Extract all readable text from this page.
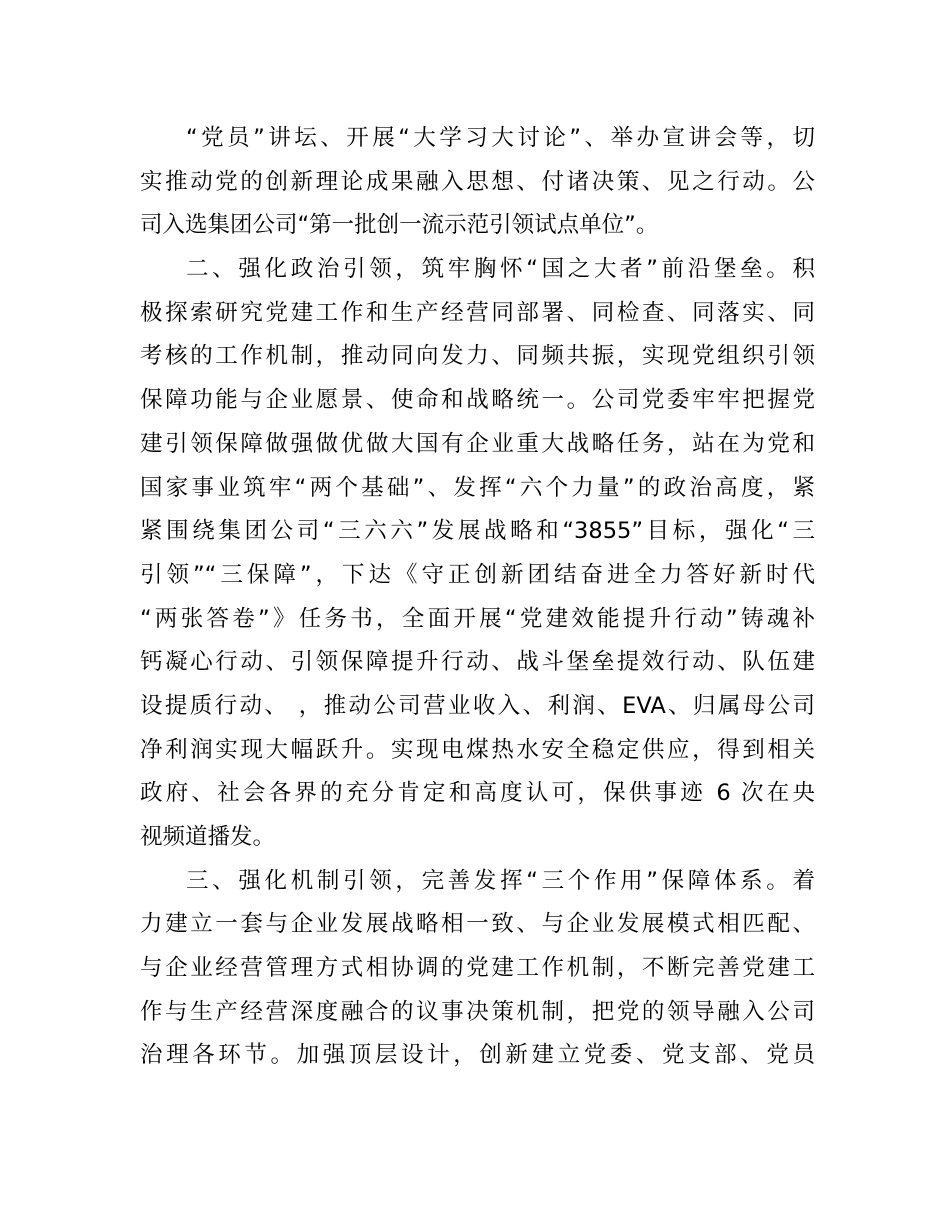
“党员”讲坛、开展“大学习大讨论”、举办宣讲会等，切
实推动党的创新理论成果融入思想、付诸决策、见之行动。公
司入选集团公司“第一批创一流示范引领试点单位”。
二、强化政治引领，筑牢胸怀“国之大者”前沿堡垒。积
极探索研究党建工作和生产经营同部署、同检查、同落实、同
考核的工作机制，推动同向发力、同频共振，实现党组织引领
保障功能与企业愿景、使命和战略统一。公司党委牢牢把握党
建引领保障做强做优做大国有企业重大战略任务，站在为党和
国家事业筑牢“两个基础”、发挥“六个力量”的政治高度，紧
紧围绕集团公司“三六六”发展战略和“3855”目标，强化“三
引领”“三保障”，下达《守正创新团结奋进全力答好新时代
“两张答卷”》任务书，全面开展“党建效能提升行动”铸魂补
钙凝心行动、引领保障提升行动、战斗堡垒提效行动、队伍建
设提质行动、 ，推动公司营业收入、利润、EVA、归属母公司
净利润实现大幅跃升。实现电煤热水安全稳定供应，得到相关
政府、社会各界的充分肯定和高度认可，保供事迹 6 次在央
视频道播发。
三、强化机制引领，完善发挥“三个作用”保障体系。着
力建立一套与企业发展战略相一致、与企业发展模式相匹配、
与企业经营管理方式相协调的党建工作机制，不断完善党建工
作与生产经营深度融合的议事决策机制，把党的领导融入公司
治理各环节。加强顶层设计，创新建立党委、党支部、党员
